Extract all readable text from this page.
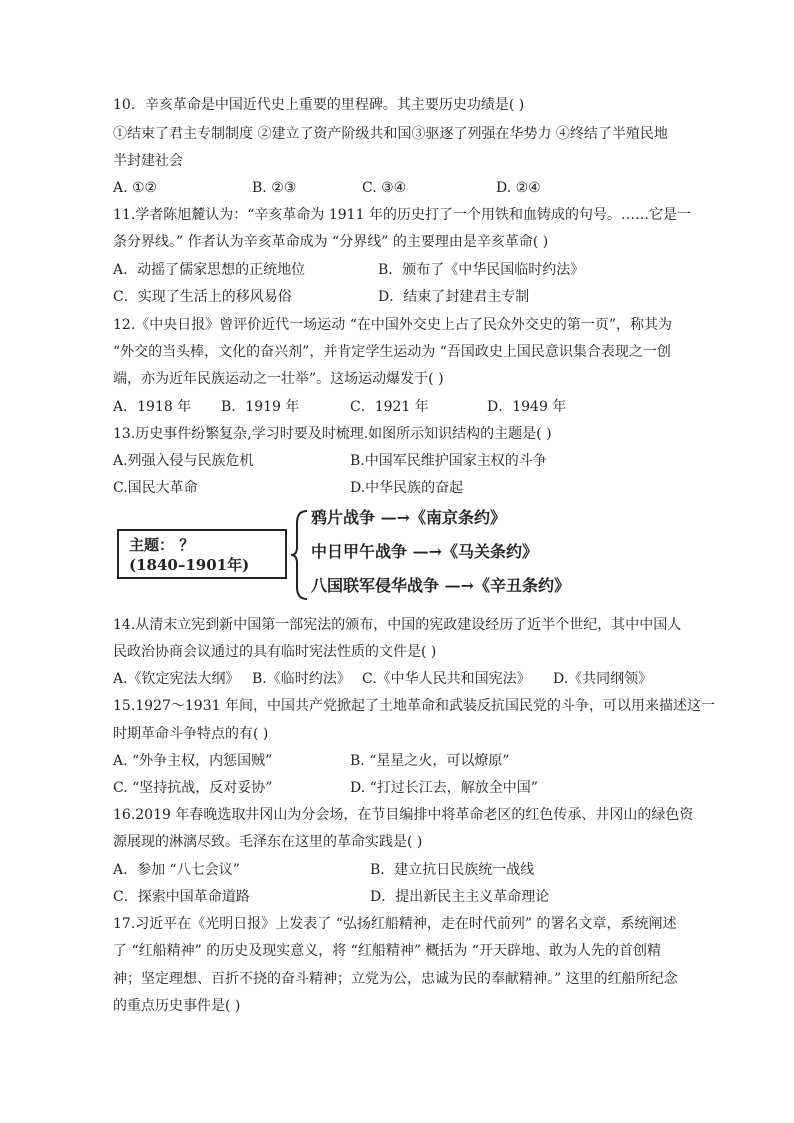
10．辛亥革命是中国近代史上重要的里程碑。其主要历史功绩是( )
①结束了君主专制制度 ②建立了资产阶级共和国③驱逐了列强在华势力 ④终结了半殖民地
半封建社会
A. ①②	B. ②③	C. ③④	D. ②④
11.学者陈旭麓认为：“辛亥革命为 1911 年的历史打了一个用铁和血铸成的句号。……它是一
条分界线。” 作者认为辛亥革命成为 “分界线” 的主要理由是辛亥革命( )
A．动摇了儒家思想的正统地位	B．颁布了《中华民国临时约法》
C．实现了生活上的移风易俗	D．结束了封建君主专制
12.《中央日报》曾评价近代一场运动 “在中国外交史上占了民众外交史的第一页”，称其为
“外交的当头棒，文化的奋兴剂”，并肯定学生运动为 “吾国政史上国民意识集合表现之一创
端，亦为近年民族运动之一壮举”。这场运动爆发于( )
A．1918 年 B．1919 年	C．1921 年	D．1949 年
13.历史事件纷繁复杂,学习时要及时梳理.如图所示知识结构的主题是( )
A.列强入侵与民族危机	B.中国军民维护国家主权的斗争
C.国民大革命	D.中华民族的奋起
主题： ？
(1840–1901年)
鸦片战争 —→《南京条约》
中日甲午战争 —→《马关条约》
八国联军侵华战争 —→《辛丑条约》
14.从清末立宪到新中国第一部宪法的颁布，中国的宪政建设经历了近半个世纪，其中中国人
民政治协商会议通过的具有临时宪法性质的文件是( )
A.《钦定宪法大纲》 B.《临时约法》 C.《中华人民共和国宪法》 D.《共同纲领》
15.1927～1931 年间，中国共产党掀起了土地革命和武装反抗国民党的斗争，可以用来描述这一
时期革命斗争特点的有( )
A. “外争主权，内惩国贼”	B. “星星之火，可以燎原”
C. “坚持抗战，反对妥协”	D. “打过长江去，解放全中国”
16.2019 年春晚选取井冈山为分会场，在节目编排中将革命老区的红色传承、井冈山的绿色资
源展现的淋漓尽致。毛泽东在这里的革命实践是( )
A．参加 “八七会议”	B．建立抗日民族统一战线
C．探索中国革命道路	D．提出新民主主义革命理论
17.习近平在《光明日报》上发表了 “弘扬红船精神，走在时代前列” 的署名文章，系统阐述
了 “红船精神” 的历史及现实意义，将 “红船精神” 概括为 “开天辟地、敢为人先的首创精
神；坚定理想、百折不挠的奋斗精神；立党为公，忠诚为民的奉献精神。” 这里的红船所纪念
的重点历史事件是( )
